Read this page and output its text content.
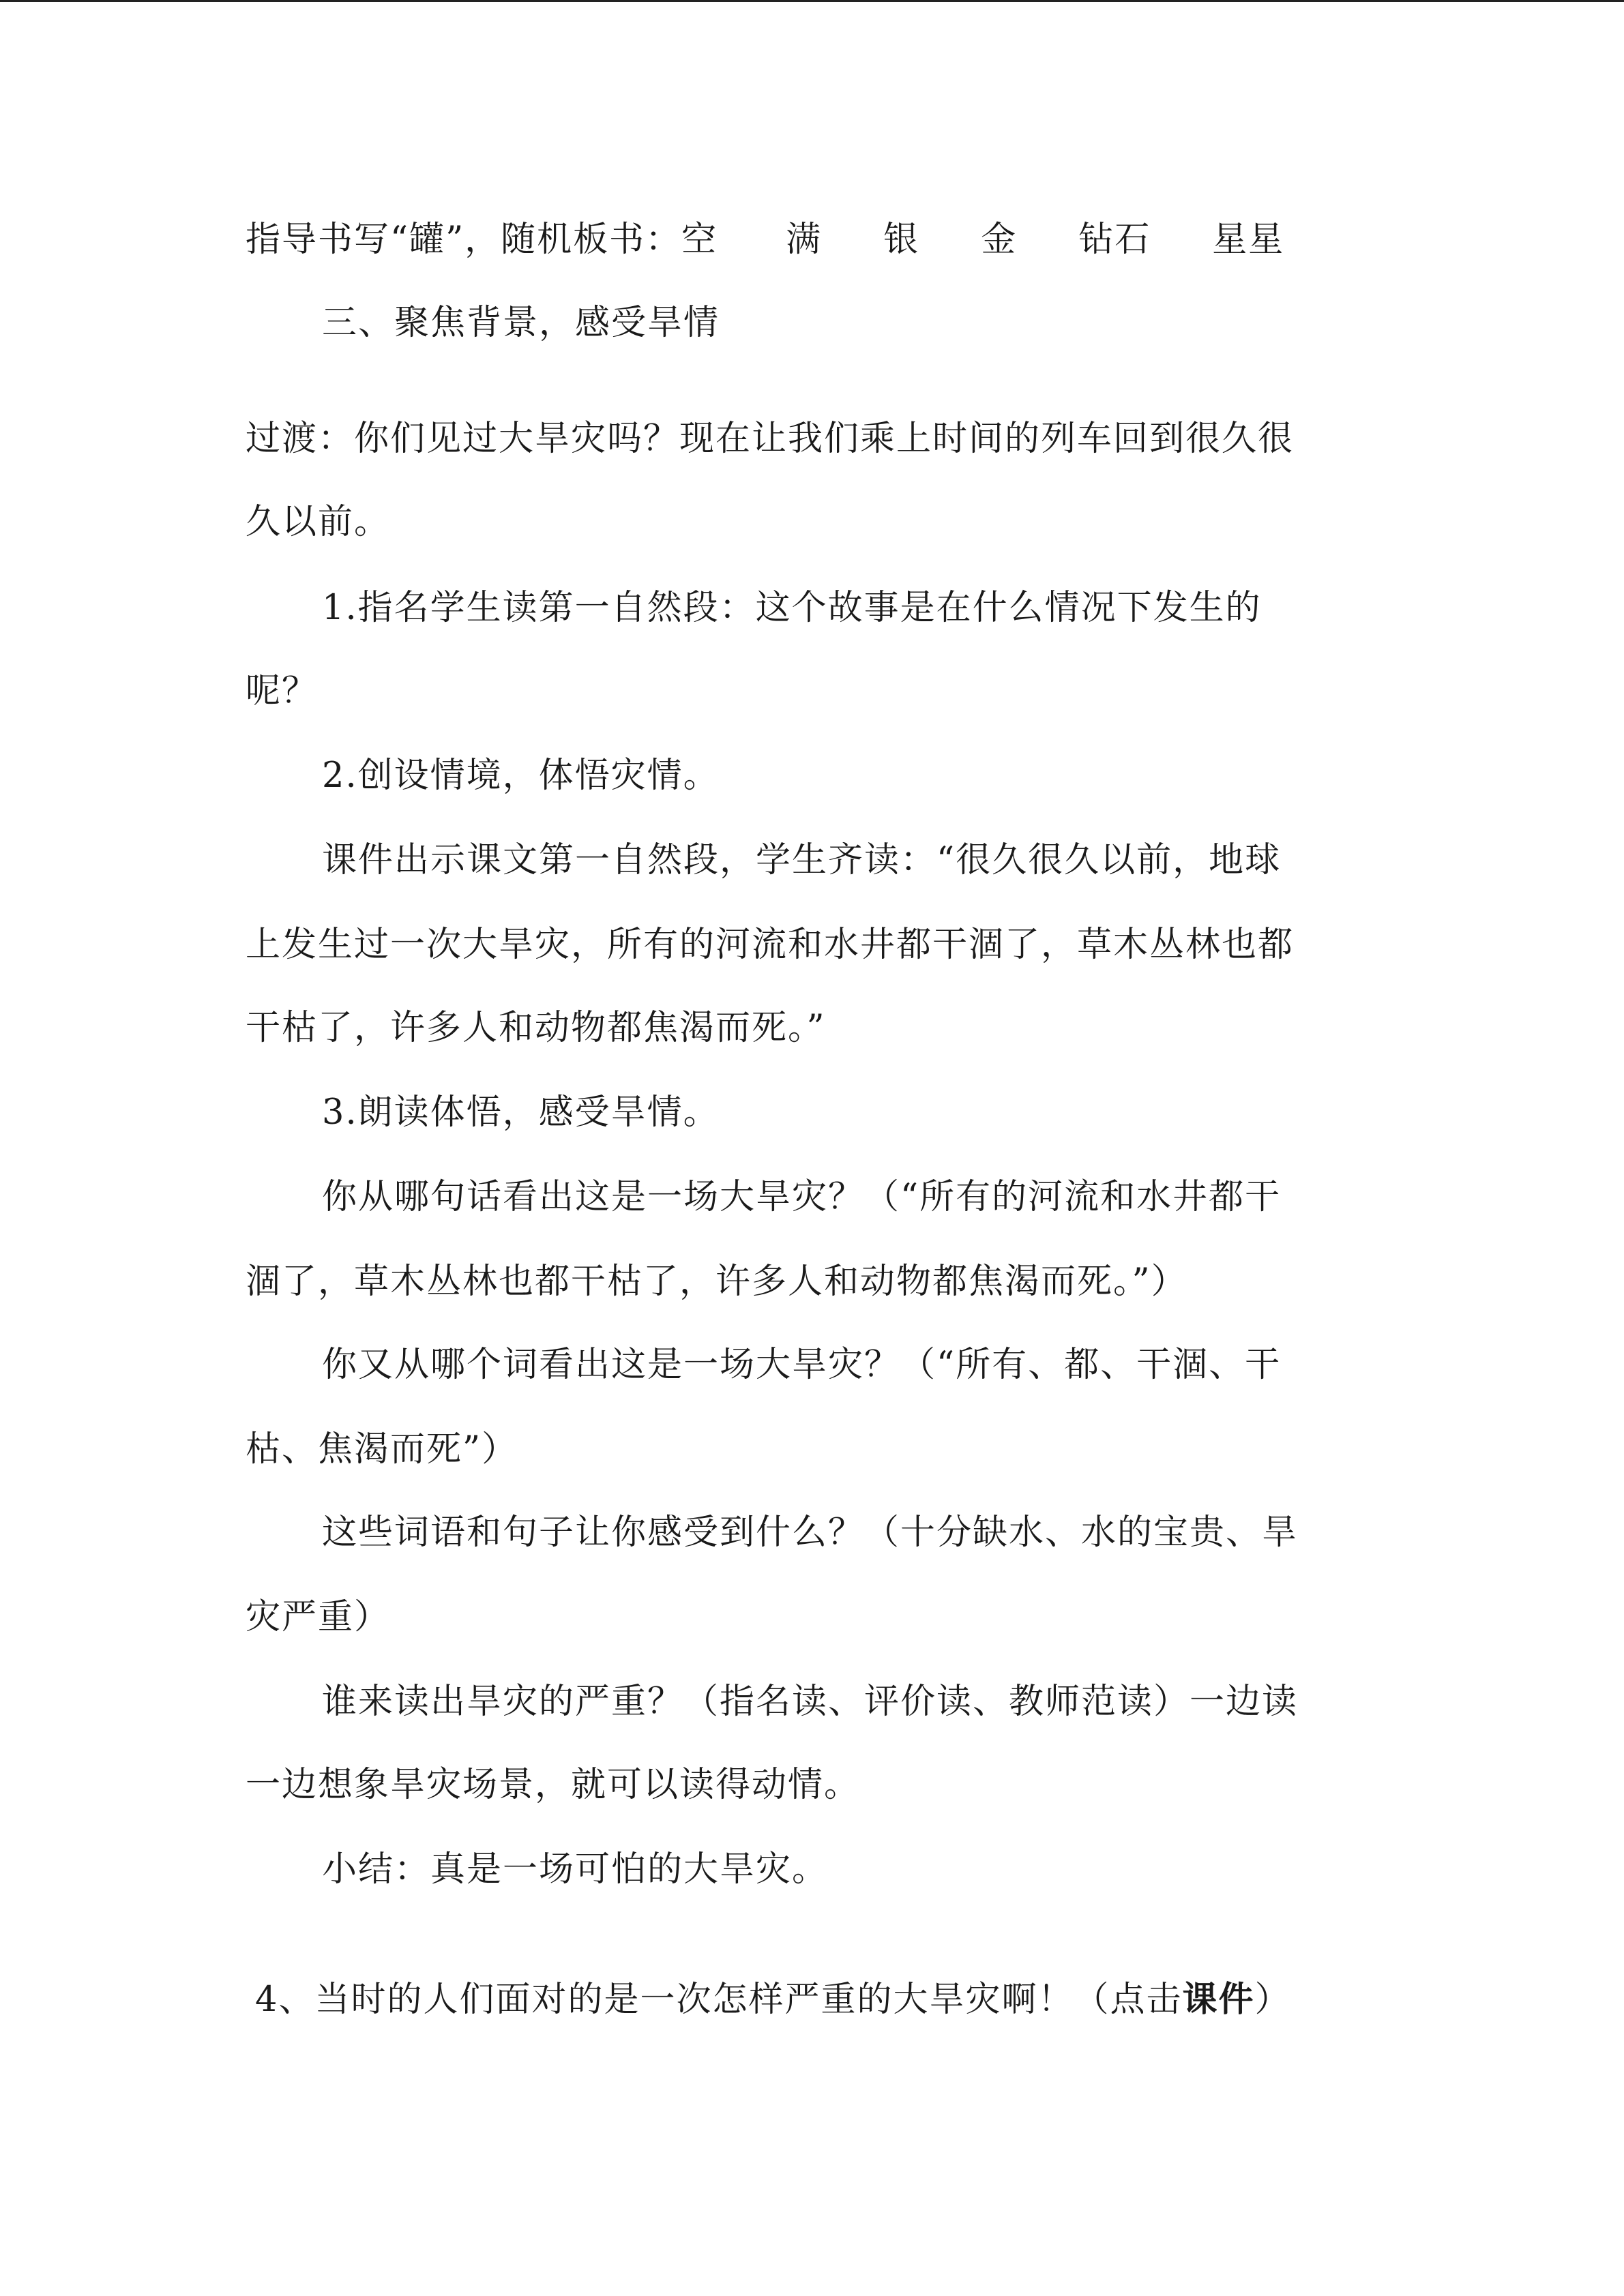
指导书写“罐”，随机板书：空 满 银 金 钻石 星星
三、聚焦背景，感受旱情
过渡：你们见过大旱灾吗？现在让我们乘上时间的列车回到很久很
久以前。
1.指名学生读第一自然段：这个故事是在什么情况下发生的
呢？
2.创设情境，体悟灾情。
课件出示课文第一自然段，学生齐读：“很久很久以前，地球
上发生过一次大旱灾，所有的河流和水井都干涸了，草木丛林也都
干枯了，许多人和动物都焦渴而死。”
3.朗读体悟，感受旱情。
你从哪句话看出这是一场大旱灾？（“所有的河流和水井都干
涸了，草木丛林也都干枯了，许多人和动物都焦渴而死。”）
你又从哪个词看出这是一场大旱灾？（“所有、都、干涸、干
枯、焦渴而死”）
这些词语和句子让你感受到什么？（十分缺水、水的宝贵、旱
灾严重）
谁来读出旱灾的严重？（指名读、评价读、教师范读）一边读
一边想象旱灾场景，就可以读得动情。
小结：真是一场可怕的大旱灾。
4、当时的人们面对的是一次怎样严重的大旱灾啊！（点击课件）
